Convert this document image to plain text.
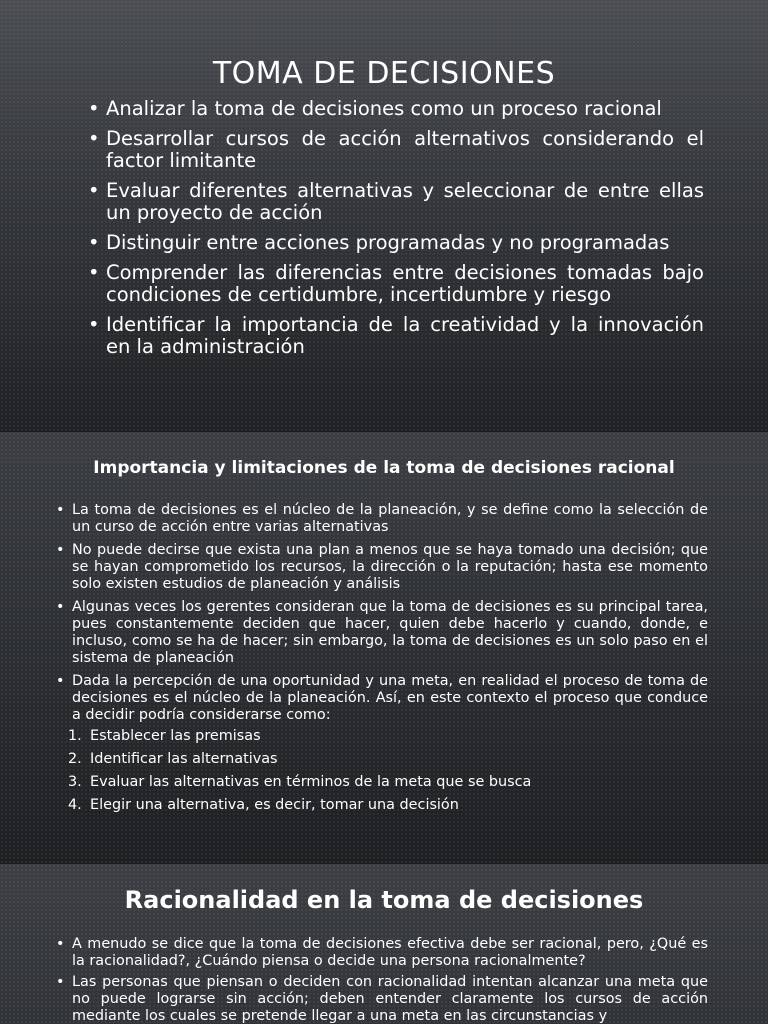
TOMA DE DECISIONES
• Analizar la toma de decisiones como un proceso racional
• Desarrollar cursos de acción alternativos considerando el factor limitante
• Evaluar diferentes alternativas y seleccionar de entre ellas un proyecto de acción
• Distinguir entre acciones programadas y no programadas
• Comprender las diferencias entre decisiones tomadas bajo condiciones de certidumbre, incertidumbre y riesgo
• Identificar la importancia de la creatividad y la innovación en la administración
Importancia y limitaciones de la toma de decisiones racional
• La toma de decisiones es el núcleo de la planeación, y se define como la selección de un curso de acción entre varias alternativas
• No puede decirse que exista una plan a menos que se haya tomado una decisión; que se hayan comprometido los recursos, la dirección o la reputación; hasta ese momento solo existen estudios de planeación y análisis
• Algunas veces los gerentes consideran que la toma de decisiones es su principal tarea, pues constantemente deciden que hacer, quien debe hacerlo y cuando, donde, e incluso, como se ha de hacer; sin embargo, la toma de decisiones es un solo paso en el sistema de planeación
• Dada la percepción de una oportunidad y una meta, en realidad el proceso de toma de decisiones es el núcleo de la planeación. Así, en este contexto el proceso que conduce a decidir podría considerarse como:
1. Establecer las premisas
2. Identificar las alternativas
3. Evaluar las alternativas en términos de la meta que se busca
4. Elegir una alternativa, es decir, tomar una decisión
Racionalidad en la toma de decisiones
• A menudo se dice que la toma de decisiones efectiva debe ser racional, pero, ¿Qué es la racionalidad?, ¿Cuándo piensa o decide una persona racionalmente?
• Las personas que piensan o deciden con racionalidad intentan alcanzar una meta que no puede lograrse sin acción; deben entender claramente los cursos de acción mediante los cuales se pretende llegar a una meta en las circunstancias y
